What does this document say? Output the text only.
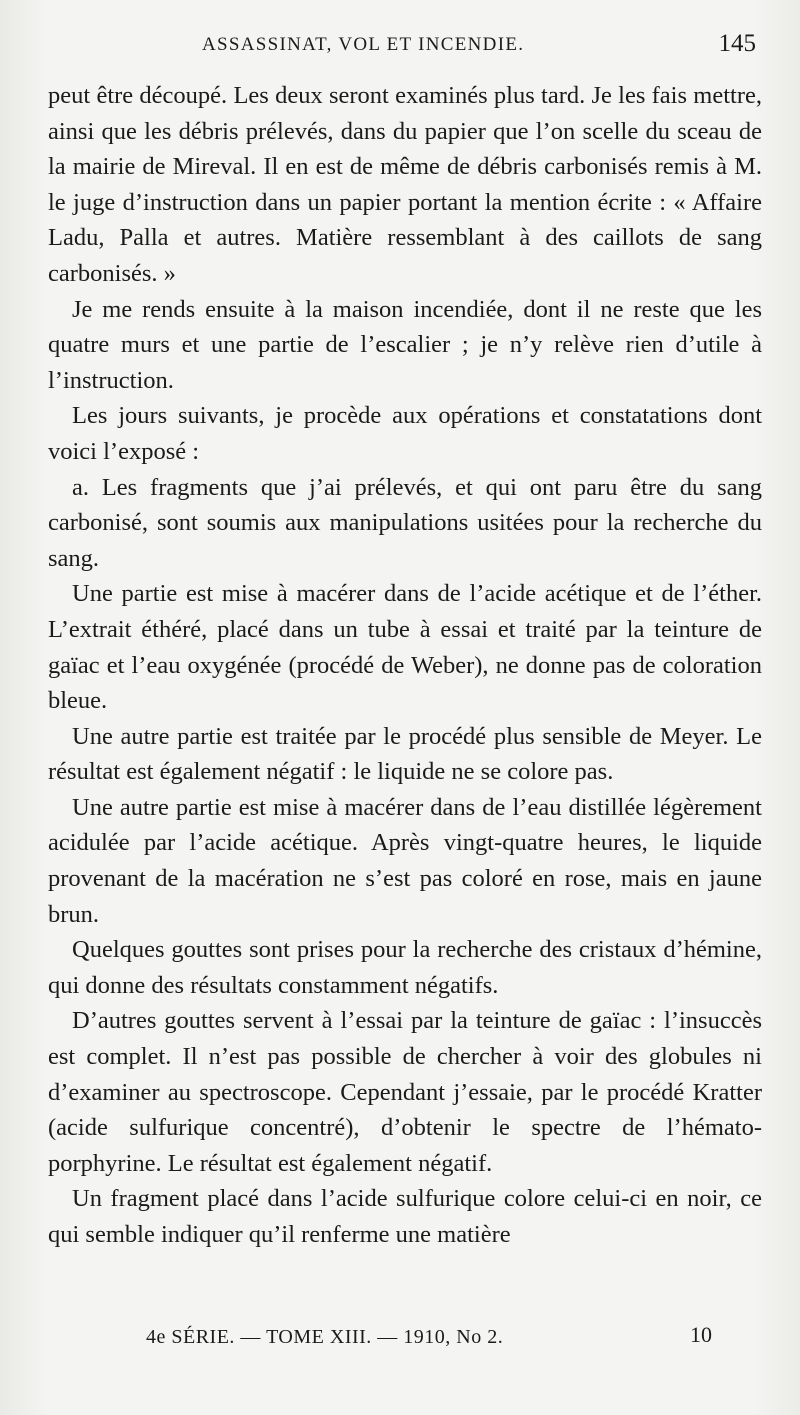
ASSASSINAT, VOL ET INCENDIE.	145

peut être découpé. Les deux seront examinés plus tard. Je les fais mettre, ainsi que les débris prélevés, dans du papier que l’on scelle du sceau de la mairie de Mireval. Il en est de même de débris carbonisés remis à M. le juge d’instruction dans un papier portant la mention écrite : « Affaire Ladu, Palla et autres. Matière ressemblant à des caillots de sang carbonisés. »

Je me rends ensuite à la maison incendiée, dont il ne reste que les quatre murs et une partie de l’escalier ; je n’y relève rien d’utile à l’instruction.

Les jours suivants, je procède aux opérations et constatations dont voici l’exposé :

a. Les fragments que j’ai prélevés, et qui ont paru être du sang carbonisé, sont soumis aux manipulations usitées pour la recherche du sang.

Une partie est mise à macérer dans de l’acide acétique et de l’éther. L’extrait éthéré, placé dans un tube à essai et traité par la teinture de gaïac et l’eau oxygénée (procédé de Weber), ne donne pas de coloration bleue.

Une autre partie est traitée par le procédé plus sensible de Meyer. Le résultat est également négatif : le liquide ne se colore pas.

Une autre partie est mise à macérer dans de l’eau distillée légèrement acidulée par l’acide acétique. Après vingt-quatre heures, le liquide provenant de la macération ne s’est pas coloré en rose, mais en jaune brun.

Quelques gouttes sont prises pour la recherche des cristaux d’hémine, qui donne des résultats constamment négatifs.

D’autres gouttes servent à l’essai par la teinture de gaïac : l’insuccès est complet. Il n’est pas possible de chercher à voir des globules ni d’examiner au spectroscope. Cependant j’essaie, par le procédé Kratter (acide sulfurique concentré), d’obtenir le spectre de l’hémato-porphyrine. Le résultat est également négatif.

Un fragment placé dans l’acide sulfurique colore celui-ci en noir, ce qui semble indiquer qu’il renferme une matière

4e SÉRIE. — TOME XIII. — 1910, No 2.	10
